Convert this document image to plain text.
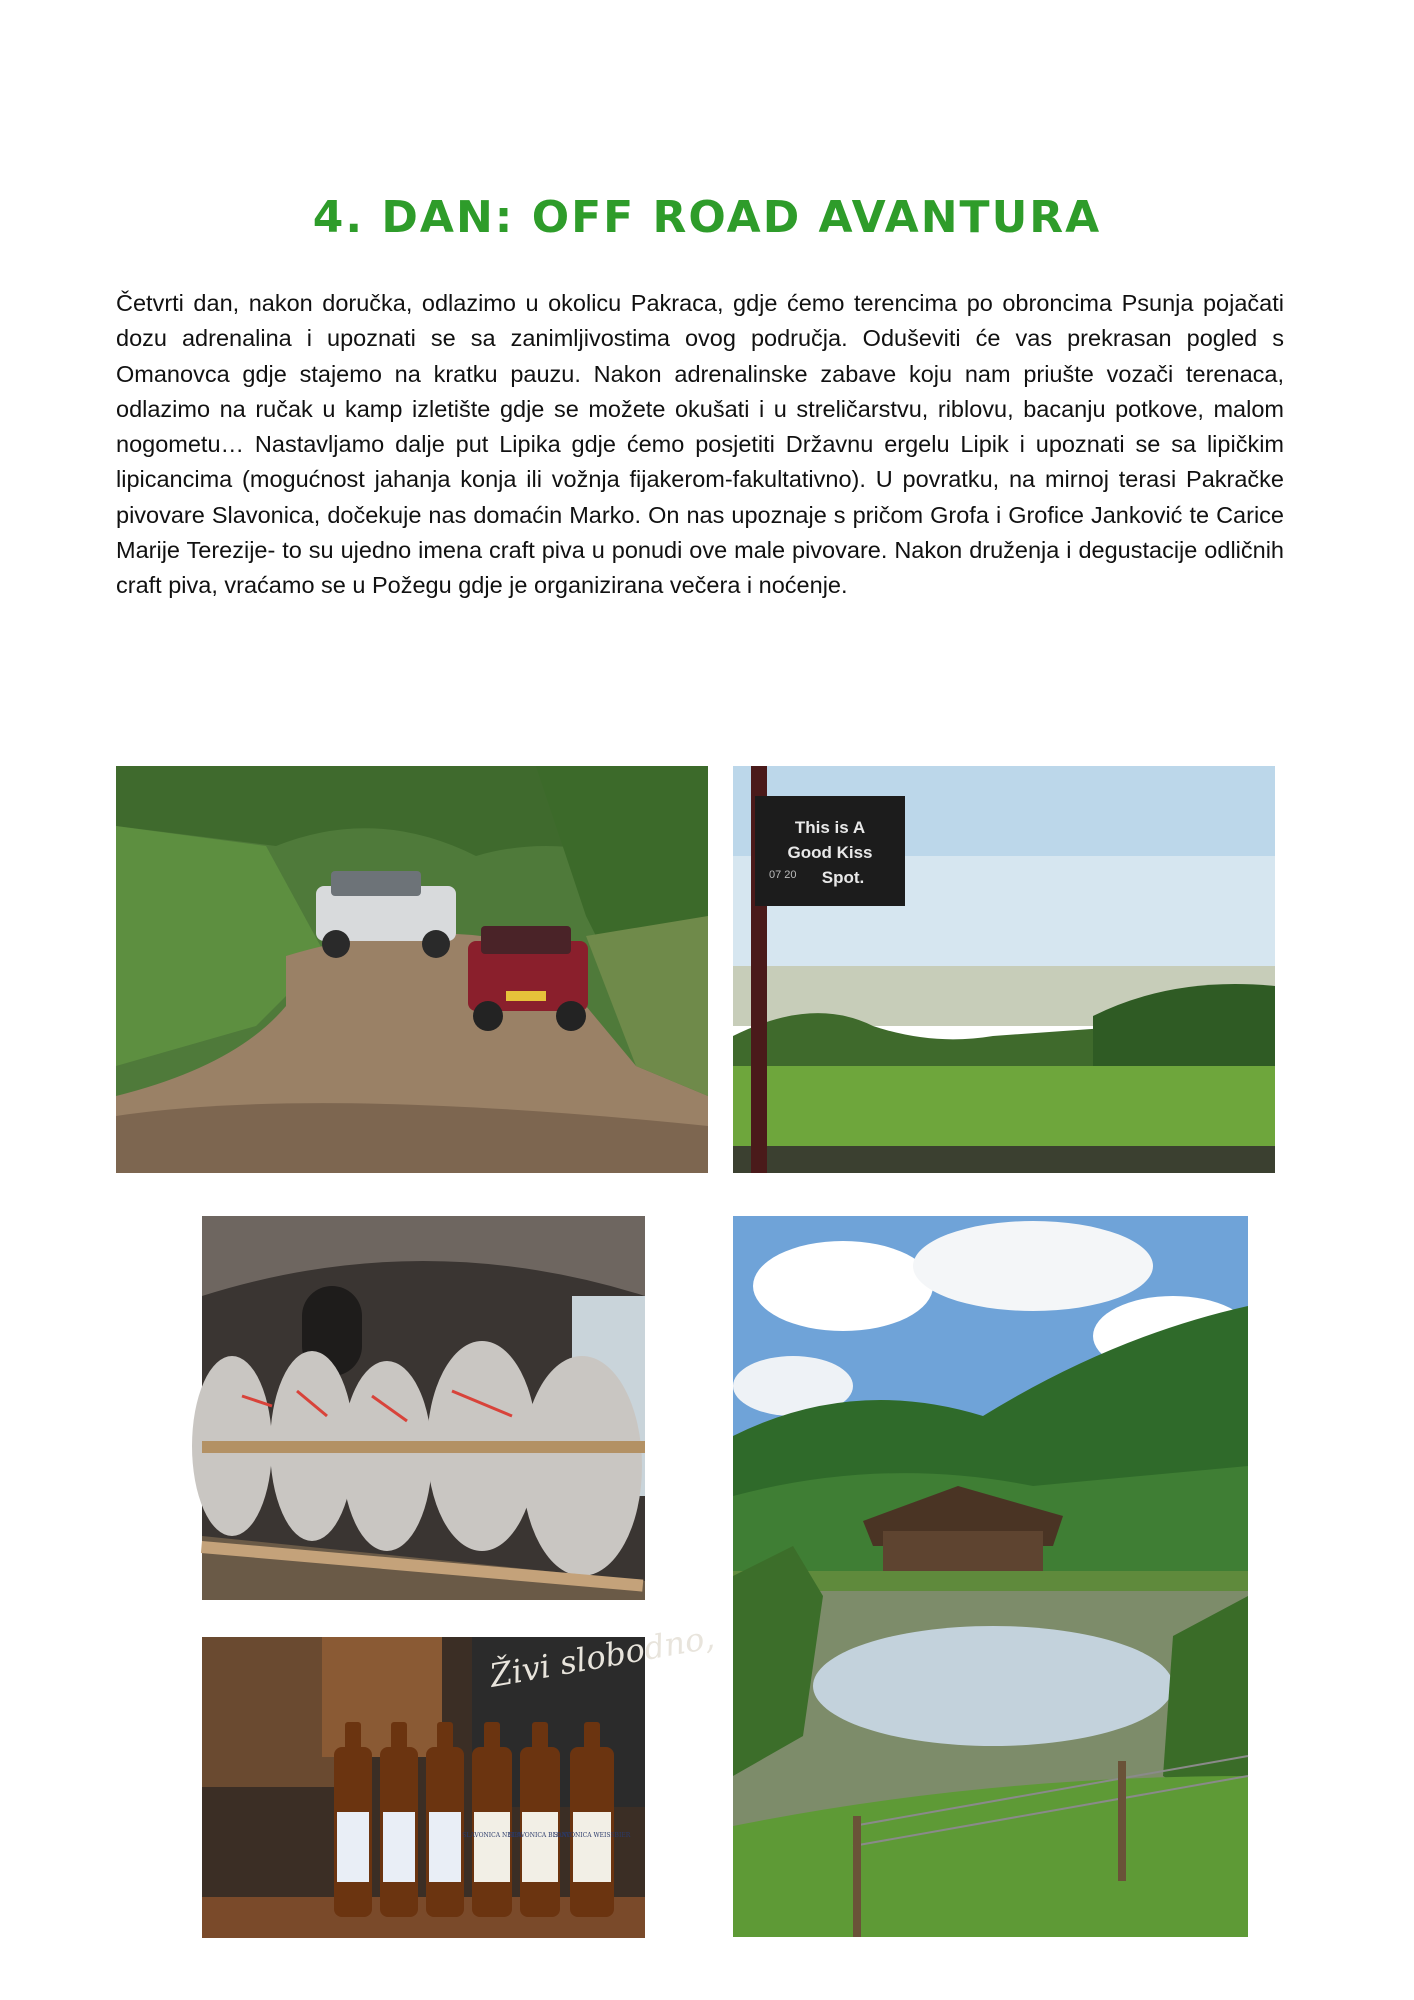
4. DAN: OFF ROAD AVANTURA

Četvrti dan, nakon doručka, odlazimo u okolicu Pakraca, gdje ćemo terencima po obroncima Psunja pojačati dozu adrenalina i upoznati se sa zanimljivostima ovog područja. Oduševiti će vas prekrasan pogled s Omanovca gdje stajemo na kratku pauzu. Nakon adrenalinske zabave koju nam priušte vozači terenaca, odlazimo na ručak u kamp izletište gdje se možete okušati i u streličarstvu, riblovu, bacanju potkove, malom nogometu… Nastavljamo dalje put Lipika gdje ćemo posjetiti Državnu ergelu Lipik i upoznati se sa lipičkim lipicancima (mogućnost jahanja konja ili vožnja fijakerom-fakultativno). U povratku, na mirnoj terasi Pakračke pivovare Slavonica, dočekuje nas domaćin Marko. On nas upoznaje s pričom Grofa i Grofice Janković te Carice Marije Terezije- to su ujedno imena craft piva u ponudi ove male pivovare. Nakon druženja i degustacije odličnih craft piva, vraćamo se u Požegu gdje je organizirana večera i noćenje.

This is A
Good Kiss
Spot.
07 20
Živi slobodno,
SLAVONICA NEIPA
SLAVONICA BLOND
SLAVONICA WEISSBIER
